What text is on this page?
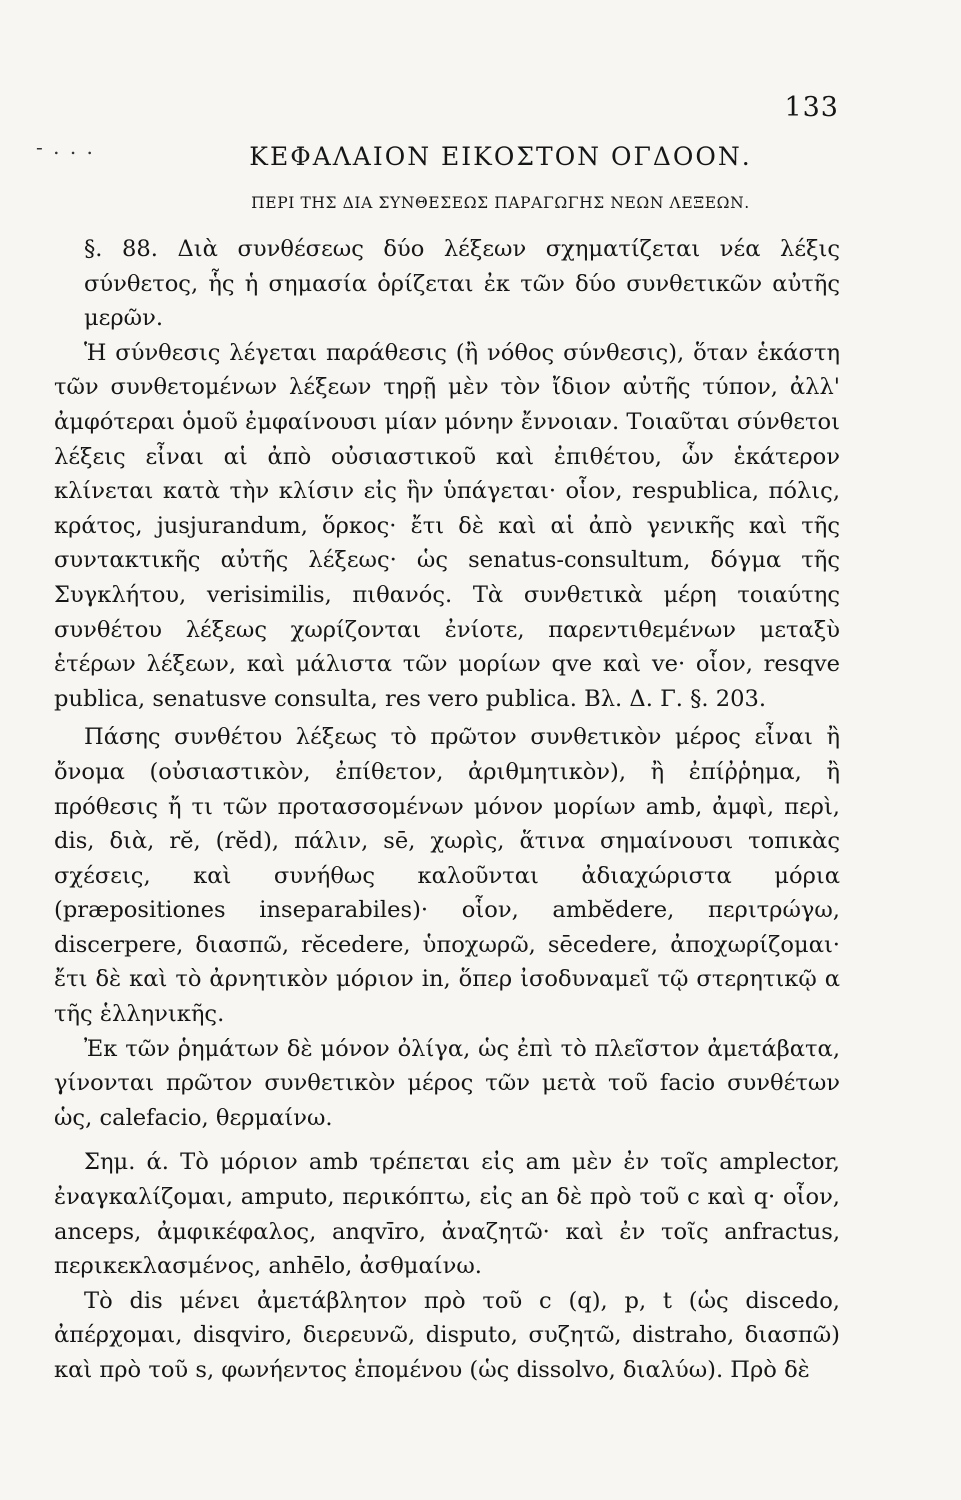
- . . .
133
ΚΕΦΑΛΑΙΟΝ ΕΙΚΟΣΤΟΝ ΟΓΔΟΟΝ.
ΠΕΡΙ ΤΗΣ ΔΙΑ ΣΥΝΘΕΣΕΩΣ ΠΑΡΑΓΩΓΗΣ ΝΕΩΝ ΛΕΞΕΩΝ.

§. 88. Διὰ συνθέσεως δύο λέξεων σχηματίζεται νέα λέξις σύνθετος, ἧς ἡ σημασία ὁρίζεται ἐκ τῶν δύο συνθετικῶν αὐτῆς μερῶν.

Ἡ σύνθεσις λέγεται παράθεσις (ἢ νόθος σύνθεσις), ὅταν ἑκάστη τῶν συνθετομένων λέξεων τηρῇ μὲν τὸν ἴδιον αὐτῆς τύπον, ἀλλ' ἀμφότεραι ὁμοῦ ἐμφαίνουσι μίαν μόνην ἔννοιαν. Τοιαῦται σύνθετοι λέξεις εἶναι αἱ ἀπὸ οὐσιαστικοῦ καὶ ἐπιθέτου, ὧν ἑκάτερον κλίνεται κατὰ τὴν κλίσιν εἰς ἣν ὑπάγεται· οἷον, respublica, πόλις, κράτος, jusjurandum, ὅρκος· ἔτι δὲ καὶ αἱ ἀπὸ γενικῆς καὶ τῆς συντακτικῆς αὐτῆς λέξεως· ὡς senatus-consultum, δόγμα τῆς Συγκλήτου, verisimilis, πιθανός. Τὰ συνθετικὰ μέρη τοιαύτης συνθέτου λέξεως χωρίζονται ἐνίοτε, παρεντιθεμένων μεταξὺ ἑτέρων λέξεων, καὶ μάλιστα τῶν μορίων qve καὶ ve· οἷον, resqve publica, senatusve consulta, res vero publica. Βλ. Δ. Γ. §. 203.

Πάσης συνθέτου λέξεως τὸ πρῶτον συνθετικὸν μέρος εἶναι ἢ ὄνομα (οὐσιαστικὸν, ἐπίθετον, ἀριθμητικὸν), ἢ ἐπίῤῥημα, ἢ πρόθεσις ἤ τι τῶν προτασσομένων μόνον μορίων amb, ἀμφὶ, περὶ, dis, διὰ, rĕ, (rĕd), πάλιν, sē, χωρὶς, ἅτινα σημαίνουσι τοπικὰς σχέσεις, καὶ συνήθως καλοῦνται ἀδιαχώριστα μόρια (præpositiones inseparabiles)· οἷον, ambĕdere, περιτρώγω, discerpere, διασπῶ, rĕcedere, ὑποχωρῶ, sēcedere, ἀποχωρίζομαι· ἔτι δὲ καὶ τὸ ἀρνητικὸν μόριον in, ὅπερ ἰσοδυναμεῖ τῷ στερητικῷ α τῆς ἑλληνικῆς.

Ἐκ τῶν ῥημάτων δὲ μόνον ὀλίγα, ὡς ἐπὶ τὸ πλεῖστον ἀμετάβατα, γίνονται πρῶτον συνθετικὸν μέρος τῶν μετὰ τοῦ facio συνθέτων ὡς, calefacio, θερμαίνω.

Σημ. ά. Τὸ μόριον amb τρέπεται εἰς am μὲν ἐν τοῖς amplector, ἐναγκαλίζομαι, amputo, περικόπτω, εἰς an δὲ πρὸ τοῦ c καὶ q· οἷον, anceps, ἀμφικέφαλος, anqvīro, ἀναζητῶ· καὶ ἐν τοῖς anfractus, περικεκλασμένος, anhēlo, ἀσθμαίνω.

Τὸ dis μένει ἀμετάβλητον πρὸ τοῦ c (q), p, t (ὡς discedo, ἀπέρχομαι, disqviro, διερευνῶ, disputo, συζητῶ, distraho, διασπῶ) καὶ πρὸ τοῦ s, φωνήεντος ἑπομένου (ὡς dissolvo, διαλύω). Πρὸ δὲ
